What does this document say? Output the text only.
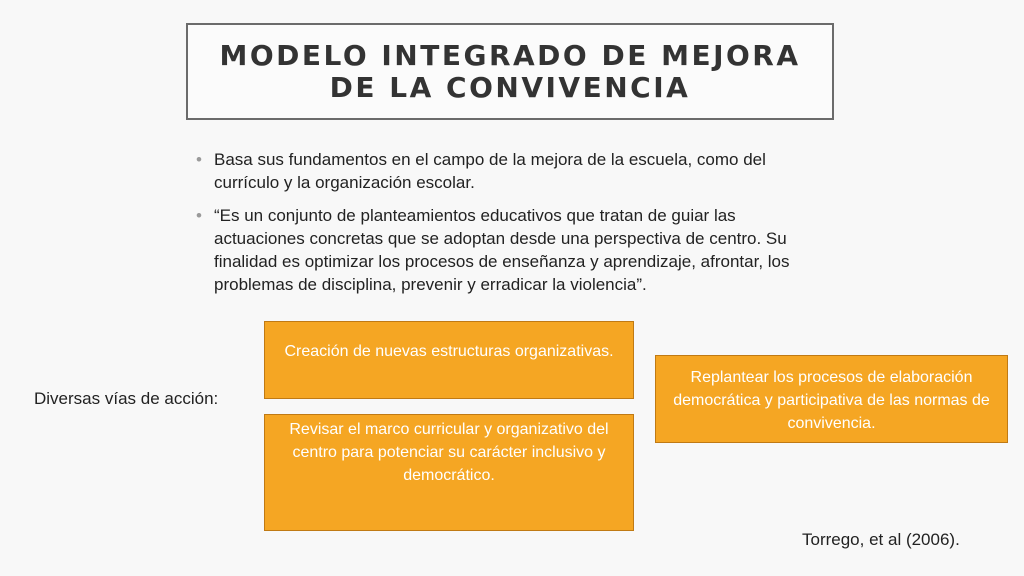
MODELO INTEGRADO DE MEJORA
DE LA CONVIVENCIA
• Basa sus fundamentos en el campo de la mejora de la escuela, como del currículo y la organización escolar.
• “Es un conjunto de planteamientos educativos que tratan de guiar las actuaciones concretas que se adoptan desde una perspectiva de centro. Su finalidad es optimizar los procesos de enseñanza y aprendizaje, afrontar, los problemas de disciplina, prevenir y erradicar la violencia”.
Diversas vías de acción:
Creación de nuevas estructuras organizativas.
Revisar el marco curricular y organizativo del centro para potenciar su carácter inclusivo y democrático.
Replantear los procesos de elaboración democrática y participativa de las normas de convivencia.
Torrego, et al (2006).
